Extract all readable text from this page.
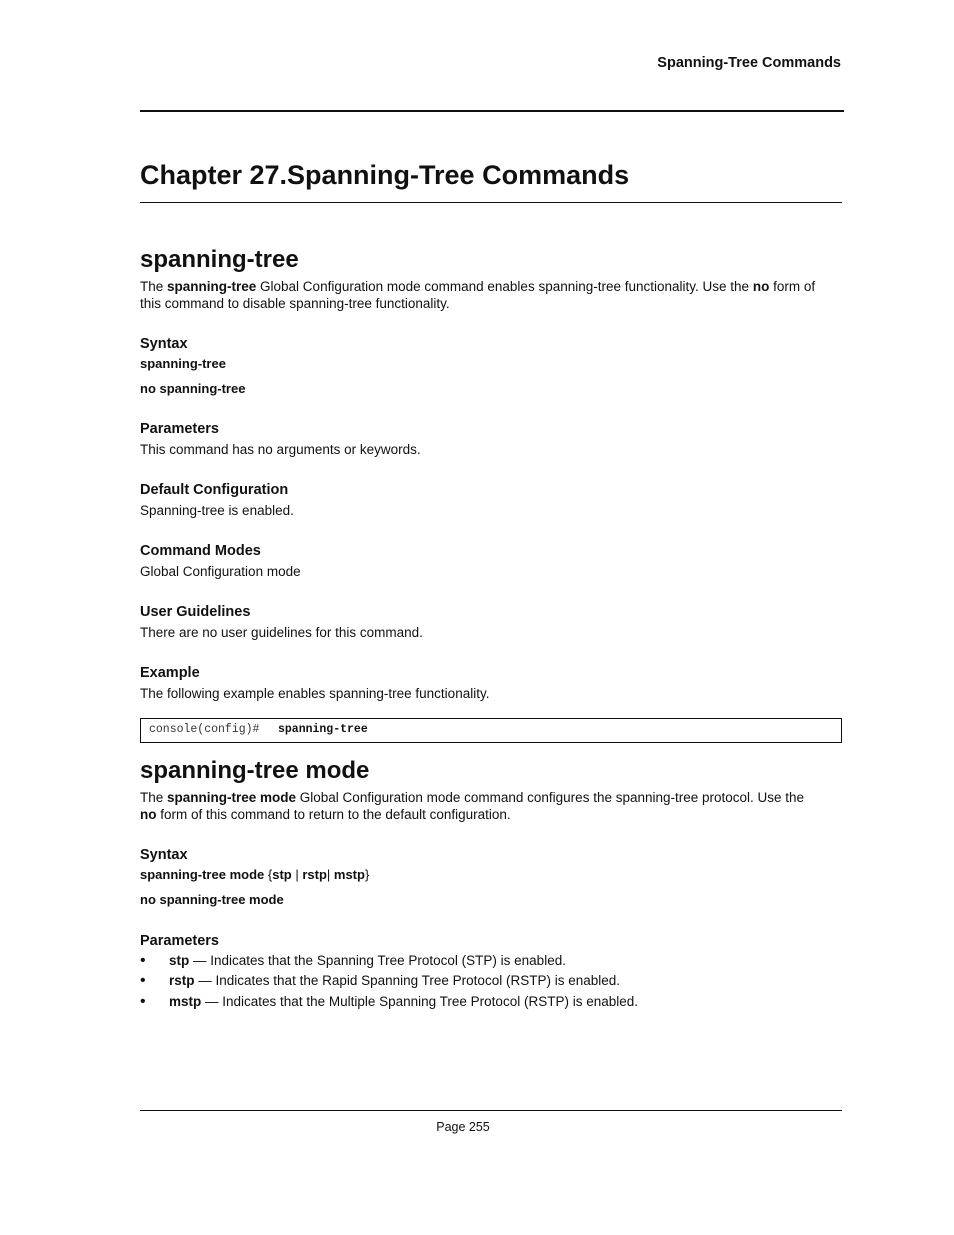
Spanning-Tree Commands
Chapter 27.Spanning-Tree Commands
spanning-tree

The spanning-tree Global Configuration mode command enables spanning-tree functionality. Use the no form of

this command to disable spanning-tree functionality.

Syntax
spanning-tree
no spanning-tree
Parameters

This command has no arguments or keywords.

Default Configuration

Spanning-tree is enabled.

Command Modes

Global Configuration mode

User Guidelines

There are no user guidelines for this command.

Example

The following example enables spanning-tree functionality.

console(config)# spanning-tree
spanning-tree mode

The spanning-tree mode Global Configuration mode command configures the spanning-tree protocol. Use the

no form of this command to return to the default configuration.

Syntax
spanning-tree mode {stp | rstp| mstp}
no spanning-tree mode
Parameters
• stp — Indicates that the Spanning Tree Protocol (STP) is enabled.
• rstp — Indicates that the Rapid Spanning Tree Protocol (RSTP) is enabled.
• mstp — Indicates that the Multiple Spanning Tree Protocol (RSTP) is enabled.
Page 255
